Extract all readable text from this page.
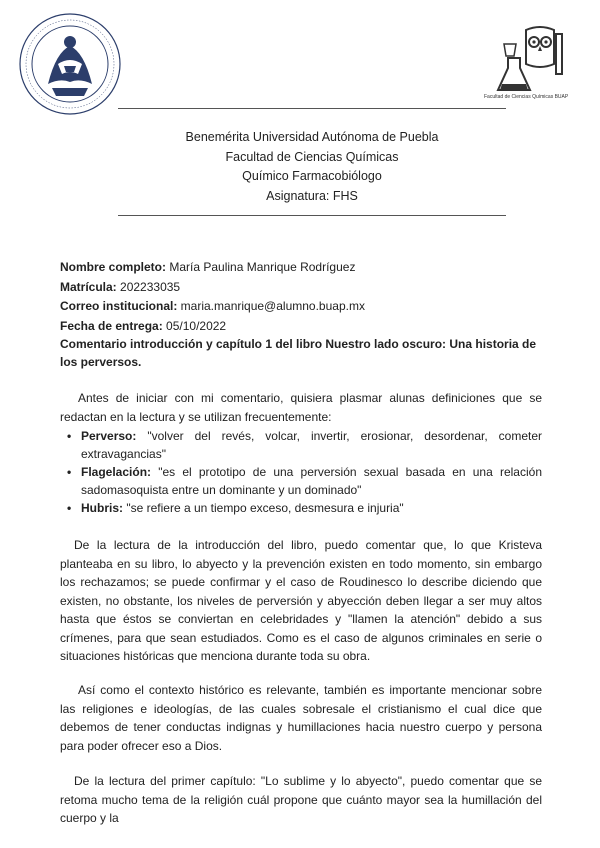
Facultad de Ciencias Químicas BUAP
Benemérita Universidad Autónoma de Puebla
Facultad de Ciencias Químicas
Químico Farmacobiólogo
Asignatura: FHS
Nombre completo: María Paulina Manrique Rodríguez
Matrícula: 202233035
Correo institucional: maria.manrique@alumno.buap.mx
Fecha de entrega: 05/10/2022
Comentario introducción y capítulo 1 del libro Nuestro lado oscuro: Una historia de los perversos.
Antes de iniciar con mi comentario, quisiera plasmar alunas definiciones que se redactan en la lectura y se utilizan frecuentemente:
• Perverso: "volver del revés, volcar, invertir, erosionar, desordenar, cometer extravagancias"
• Flagelación: "es el prototipo de una perversión sexual basada en una relación sadomasoquista entre un dominante y un dominado"
• Hubris: "se refiere a un tiempo exceso, desmesura e injuria"
De la lectura de la introducción del libro, puedo comentar que, lo que Kristeva planteaba en su libro, lo abyecto y la prevención existen en todo momento, sin embargo los rechazamos; se puede confirmar y el caso de Roudinesco lo describe diciendo que existen, no obstante, los niveles de perversión y abyección deben llegar a ser muy altos hasta que éstos se conviertan en celebridades y "llamen la atención" debido a sus crímenes, para que sean estudiados. Como es el caso de algunos criminales en serie o situaciones históricas que menciona durante toda su obra.
Así como el contexto histórico es relevante, también es importante mencionar sobre las religiones e ideologías, de las cuales sobresale el cristianismo el cual dice que debemos de tener conductas indignas y humillaciones hacia nuestro cuerpo y persona para poder ofrecer eso a Dios.
De la lectura del primer capítulo: "Lo sublime y lo abyecto", puedo comentar que se retoma mucho tema de la religión cuál propone que cuánto mayor sea la humillación del cuerpo y la
